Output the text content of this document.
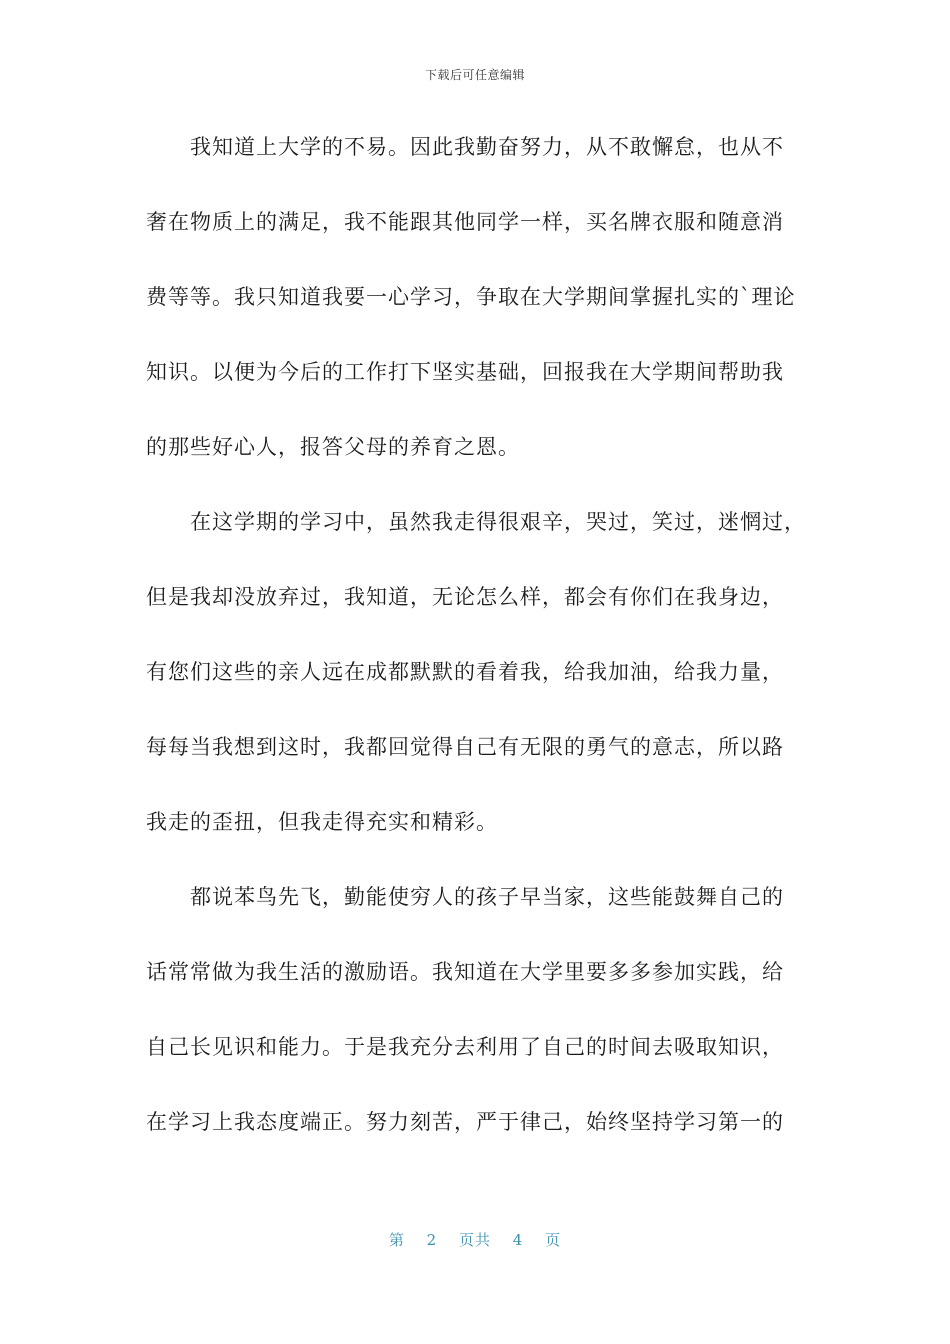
下载后可任意编辑
我知道上大学的不易。因此我勤奋努力，从不敢懈怠，也从不
奢在物质上的满足，我不能跟其他同学一样，买名牌衣服和随意消
费等等。我只知道我要一心学习，争取在大学期间掌握扎实的`理论
知识。以便为今后的工作打下坚实基础，回报我在大学期间帮助我
的那些好心人，报答父母的养育之恩。
在这学期的学习中，虽然我走得很艰辛，哭过，笑过，迷惘过，
但是我却没放弃过，我知道，无论怎么样，都会有你们在我身边，
有您们这些的亲人远在成都默默的看着我，给我加油，给我力量，
每每当我想到这时，我都回觉得自己有无限的勇气的意志，所以路
我走的歪扭，但我走得充实和精彩。
都说苯鸟先飞，勤能使穷人的孩子早当家，这些能鼓舞自己的
话常常做为我生活的激励语。我知道在大学里要多多参加实践，给
自己长见识和能力。于是我充分去利用了自己的时间去吸取知识，
在学习上我态度端正。努力刻苦，严于律己，始终坚持学习第一的
第 2 页共 4 页
